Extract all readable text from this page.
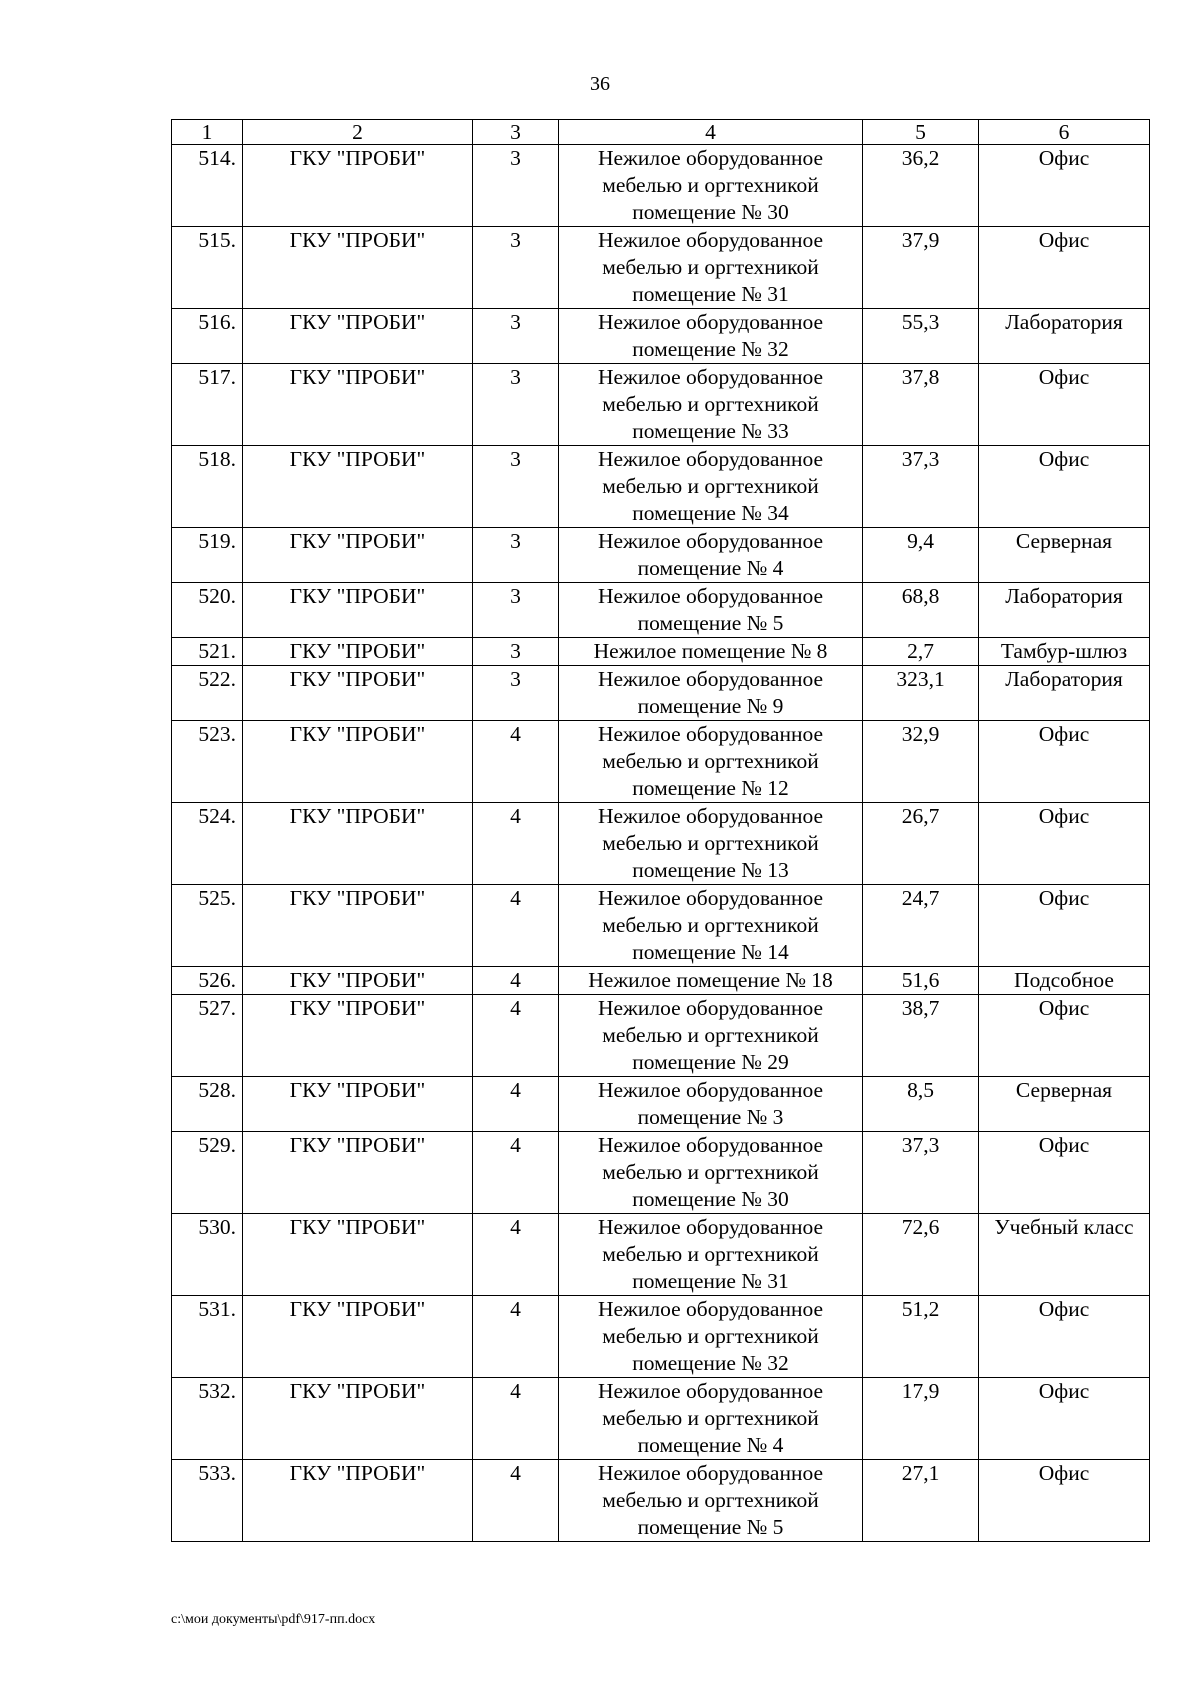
36
1	2	3	4	5	6
514.	ГКУ "ПРОБИ"	3	Нежилое оборудованное мебелью и оргтехникой помещение № 30	36,2	Офис
515.	ГКУ "ПРОБИ"	3	Нежилое оборудованное мебелью и оргтехникой помещение № 31	37,9	Офис
516.	ГКУ "ПРОБИ"	3	Нежилое оборудованное помещение № 32	55,3	Лаборатория
517.	ГКУ "ПРОБИ"	3	Нежилое оборудованное мебелью и оргтехникой помещение № 33	37,8	Офис
518.	ГКУ "ПРОБИ"	3	Нежилое оборудованное мебелью и оргтехникой помещение № 34	37,3	Офис
519.	ГКУ "ПРОБИ"	3	Нежилое оборудованное помещение № 4	9,4	Серверная
520.	ГКУ "ПРОБИ"	3	Нежилое оборудованное помещение № 5	68,8	Лаборатория
521.	ГКУ "ПРОБИ"	3	Нежилое помещение № 8	2,7	Тамбур-шлюз
522.	ГКУ "ПРОБИ"	3	Нежилое оборудованное помещение № 9	323,1	Лаборатория
523.	ГКУ "ПРОБИ"	4	Нежилое оборудованное мебелью и оргтехникой помещение № 12	32,9	Офис
524.	ГКУ "ПРОБИ"	4	Нежилое оборудованное мебелью и оргтехникой помещение № 13	26,7	Офис
525.	ГКУ "ПРОБИ"	4	Нежилое оборудованное мебелью и оргтехникой помещение № 14	24,7	Офис
526.	ГКУ "ПРОБИ"	4	Нежилое помещение № 18	51,6	Подсобное
527.	ГКУ "ПРОБИ"	4	Нежилое оборудованное мебелью и оргтехникой помещение № 29	38,7	Офис
528.	ГКУ "ПРОБИ"	4	Нежилое оборудованное помещение № 3	8,5	Серверная
529.	ГКУ "ПРОБИ"	4	Нежилое оборудованное мебелью и оргтехникой помещение № 30	37,3	Офис
530.	ГКУ "ПРОБИ"	4	Нежилое оборудованное мебелью и оргтехникой помещение № 31	72,6	Учебный класс
531.	ГКУ "ПРОБИ"	4	Нежилое оборудованное мебелью и оргтехникой помещение № 32	51,2	Офис
532.	ГКУ "ПРОБИ"	4	Нежилое оборудованное мебелью и оргтехникой помещение № 4	17,9	Офис
533.	ГКУ "ПРОБИ"	4	Нежилое оборудованное мебелью и оргтехникой помещение № 5	27,1	Офис
c:\мои документы\pdf\917-пп.docx
